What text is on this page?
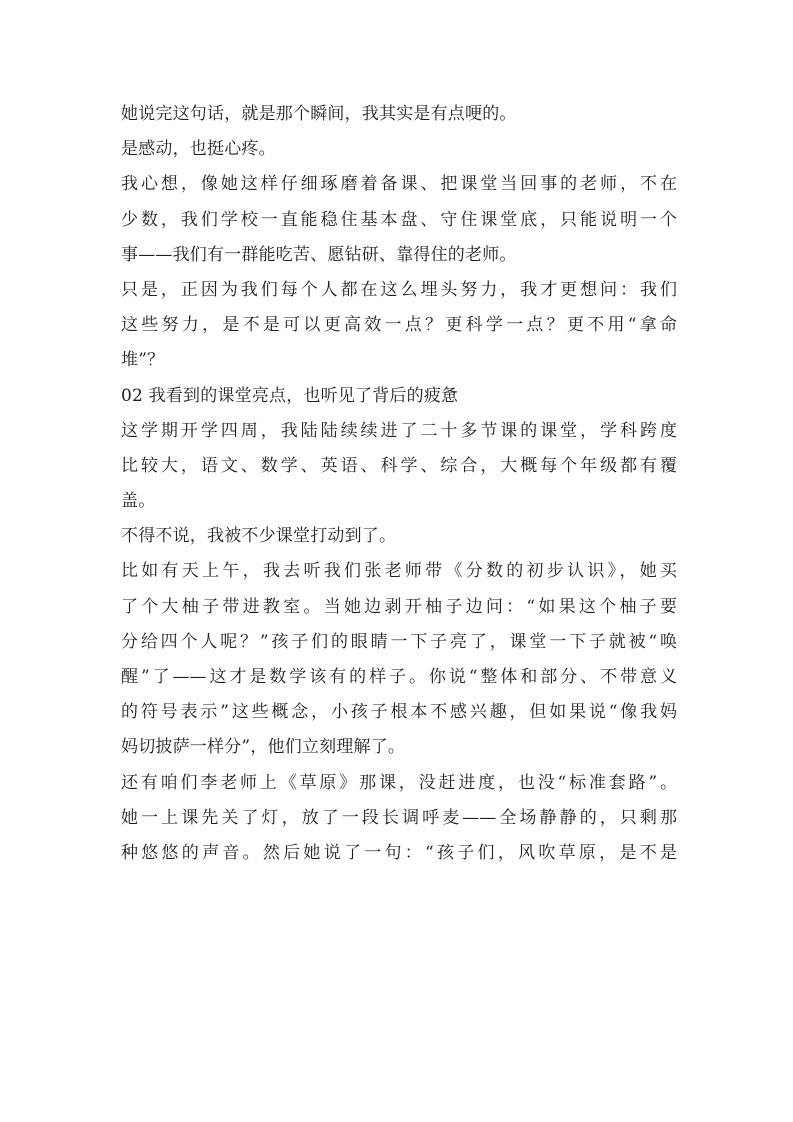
她说完这句话，就是那个瞬间，我其实是有点哽的。
是感动，也挺心疼。
我心想，像她这样仔细琢磨着备课、把课堂当回事的老师，不在
少数，我们学校一直能稳住基本盘、守住课堂底，只能说明一个
事——我们有一群能吃苦、愿钻研、靠得住的老师。
只是，正因为我们每个人都在这么埋头努力，我才更想问：我们
这些努力，是不是可以更高效一点？更科学一点？更不用“拿命
堆”？
02 我看到的课堂亮点，也听见了背后的疲惫
这学期开学四周，我陆陆续续进了二十多节课的课堂，学科跨度
比较大，语文、数学、英语、科学、综合，大概每个年级都有覆
盖。
不得不说，我被不少课堂打动到了。
比如有天上午，我去听我们张老师带《分数的初步认识》，她买
了个大柚子带进教室。当她边剥开柚子边问：“如果这个柚子要
分给四个人呢？”孩子们的眼睛一下子亮了，课堂一下子就被“唤
醒”了——这才是数学该有的样子。你说“整体和部分、不带意义
的符号表示”这些概念，小孩子根本不感兴趣，但如果说“像我妈
妈切披萨一样分”，他们立刻理解了。
还有咱们李老师上《草原》那课，没赶进度，也没“标准套路”。
她一上课先关了灯，放了一段长调呼麦——全场静静的，只剩那
种悠悠的声音。然后她说了一句：“孩子们，风吹草原，是不是
